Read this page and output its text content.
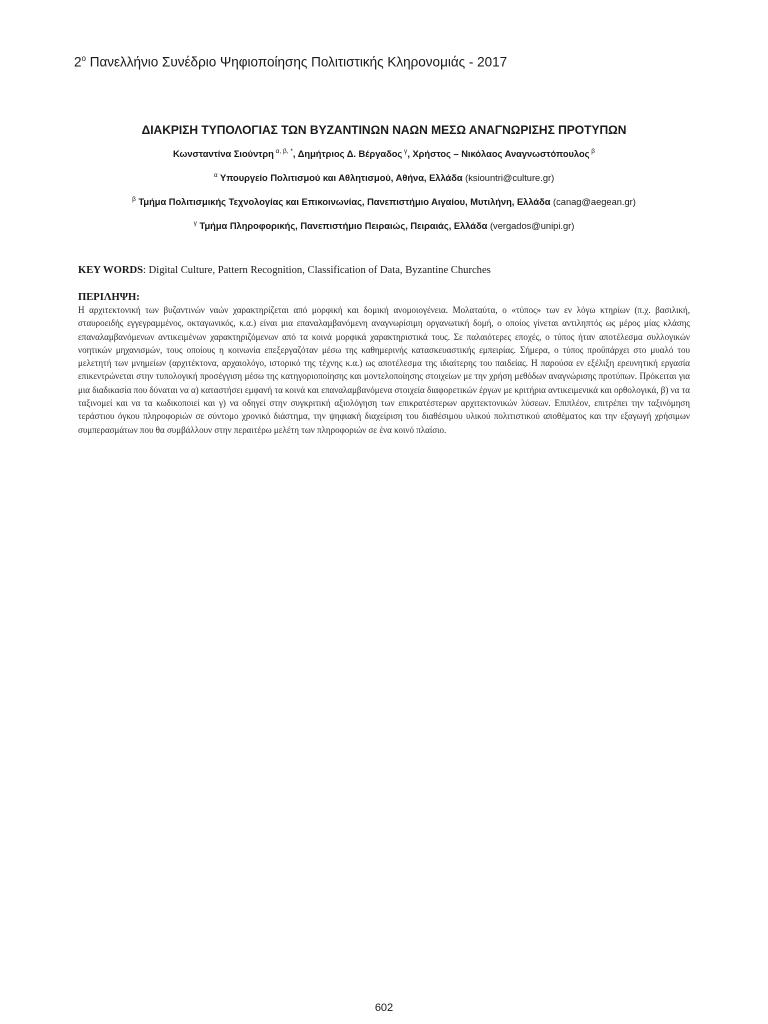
$2^o$ Πανελλήνιο Συνέδριο Ψηφιοποίησης Πολιτιστικής Κληρονομιάς - 2017
ΔΙΑΚΡΙΣΗ ΤΥΠΟΛΟΓΙΑΣ ΤΩΝ ΒΥΖΑΝΤΙΝΩΝ ΝΑΩΝ ΜΕΣΩ ΑΝΑΓΝΩΡΙΣΗΣ ΠΡΟΤΥΠΩΝ
Κωνσταντίνα Σιούντρη $^{\alpha, \beta, *}$, Δημήτριος Δ. Βέργαδος $^\gamma$, Χρήστος – Νικόλαος Αναγνωστόπουλος $^\beta$
$^\alpha$ Υπουργείο Πολιτισμού και Αθλητισμού, Αθήνα, Ελλάδα (ksiountri@culture.gr)
$^\beta$ Τμήμα Πολιτισμικής Τεχνολογίας και Επικοινωνίας, Πανεπιστήμιο Αιγαίου, Μυτιλήνη, Ελλάδα (canag@aegean.gr)
$^\gamma$ Τμήμα Πληροφορικής, Πανεπιστήμιο Πειραιώς, Πειραιάς, Ελλάδα (vergados@unipi.gr)
KEY WORDS: Digital Culture, Pattern Recognition, Classification of Data, Byzantine Churches
ΠΕΡΙΛΗΨΗ:
Η αρχιτεκτονική των βυζαντινών ναών χαρακτηρίζεται από μορφική και δομική ανομοιογένεια. Μολαταύτα, ο «τύπος» των εν λόγω κτηρίων (π.χ. βασιλική, σταυροειδής εγγεγραμμένος, οκταγωνικός, κ.α.) είναι μια επαναλαμβανόμενη αναγνωρίσιμη οργανωτική δομή, ο οποίος γίνεται αντιληπτός ως μέρος μίας κλάσης επαναλαμβανόμενων αντικειμένων χαρακτηριζόμενων από τα κοινά μορφικά χαρακτηριστικά τους. Σε παλαιότερες εποχές, ο τύπος ήταν αποτέλεσμα συλλογικών νοητικών μηχανισμών, τους οποίους η κοινωνία επεξεργαζόταν μέσω της καθημερινής κατασκευαστικής εμπειρίας. Σήμερα, ο τύπος προϋπάρχει στο μυαλό του μελετητή των μνημείων (αρχιτέκτονα, αρχαιολόγο, ιστορικό της τέχνης κ.α.) ως αποτέλεσμα της ιδιαίτερης του παιδείας. Η παρούσα εν εξέλιξη ερευνητική εργασία επικεντρώνεται στην τυπολογική προσέγγιση μέσω της κατηγοριοποίησης και μοντελοποίησης στοιχείων με την χρήση μεθόδων αναγνώρισης προτύπων. Πρόκειται για μια διαδικασία που δύναται να α) καταστήσει εμφανή τα κοινά και επαναλαμβανόμενα στοιχεία διαφορετικών έργων με κριτήρια αντικειμενικά και ορθολογικά, β) να τα ταξινομεί και να τα κωδικοποιεί και γ) να οδηγεί στην συγκριτική αξιολόγηση των επικρατέστερων αρχιτεκτονικών λύσεων. Επιπλέον, επιτρέπει την ταξινόμηση τεράστιου όγκου πληροφοριών σε σύντομο χρονικό διάστημα, την ψηφιακή διαχείριση του διαθέσιμου υλικού πολιτιστικού αποθέματος και την εξαγωγή χρήσιμων συμπερασμάτων που θα συμβάλλουν στην περαιτέρω μελέτη των πληροφοριών σε ένα κοινό πλαίσιο.
602
